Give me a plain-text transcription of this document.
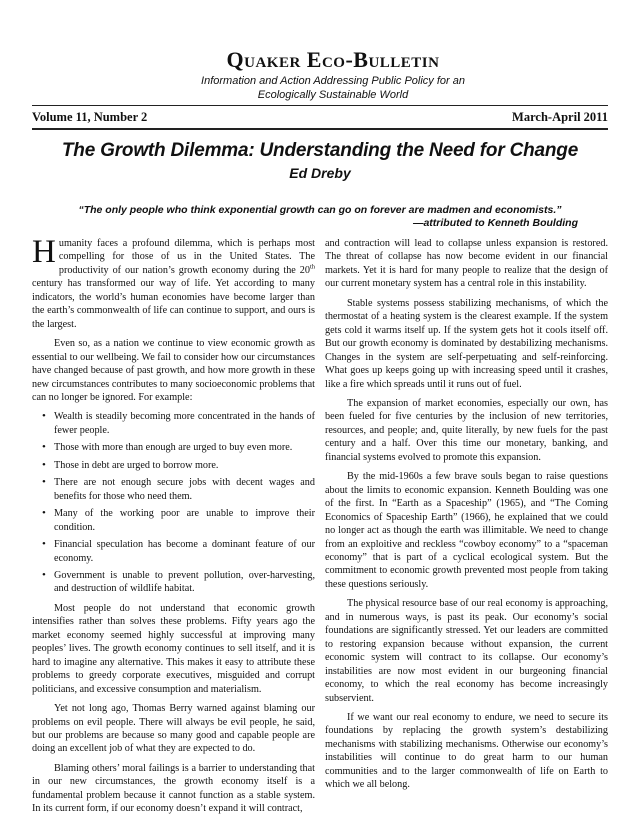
Quaker Eco-Bulletin
Information and Action Addressing Public Policy for an
Ecologically Sustainable World
Volume 11, Number 2	March-April 2011
The Growth Dilemma: Understanding the Need for Change
Ed Dreby
“The only people who think exponential growth can go on forever are madmen and economists.”
—attributed to Kenneth Boulding

Humanity faces a profound dilemma, which is perhaps most compelling for those of us in the United States. The productivity of our nation’s growth economy during the 20th century has transformed our way of life. Yet according to many indicators, the world’s human economies have become larger than the earth’s commonwealth of life can continue to support, and ours is the largest.

Even so, as a nation we continue to view economic growth as essential to our wellbeing. We fail to consider how our circumstances have changed because of past growth, and how more growth in these new circumstances contributes to many socioeconomic problems that can no longer be ignored. For example:

• Wealth is steadily becoming more concentrated in the hands of fewer people.
• Those with more than enough are urged to buy even more.
• Those in debt are urged to borrow more.
• There are not enough secure jobs with decent wages and benefits for those who need them.
• Many of the working poor are unable to improve their condition.
• Financial speculation has become a dominant feature of our economy.
• Government is unable to prevent pollution, over-harvesting, and destruction of wildlife habitat.

Most people do not understand that economic growth intensifies rather than solves these problems. Fifty years ago the market economy seemed highly successful at improving many peoples’ lives. The growth economy continues to sell itself, and it is hard to imagine any alternative. This makes it easy to attribute these problems to greedy corporate executives, misguided and corrupt politicians, and excessive consumption and materialism.

Yet not long ago, Thomas Berry warned against blaming our problems on evil people. There will always be evil people, he said, but our problems are because so many good and capable people are doing an excellent job of what they are expected to do.

Blaming others’ moral failings is a barrier to understanding that in our new circumstances, the growth economy itself is a fundamental problem because it cannot function as a stable system. In its current form, if our economy doesn’t expand it will contract,

and contraction will lead to collapse unless expansion is restored. The threat of collapse has now become evident in our financial markets. Yet it is hard for many people to realize that the design of our current monetary system has a central role in this instability.

Stable systems possess stabilizing mechanisms, of which the thermostat of a heating system is the clearest example. If the system gets cold it warms itself up. If the system gets hot it cools itself off. But our growth economy is dominated by destabilizing mechanisms. Changes in the system are self-perpetuating and self-reinforcing. What goes up keeps going up with increasing speed until it crashes, like a fire which spreads until it runs out of fuel.

The expansion of market economies, especially our own, has been fueled for five centuries by the inclusion of new territories, resources, and people; and, quite literally, by new fuels for the past century and a half. Over this time our monetary, banking, and financial systems evolved to promote this expansion.

By the mid-1960s a few brave souls began to raise questions about the limits to economic expansion. Kenneth Boulding was one of the first. In “Earth as a Spaceship” (1965), and “The Coming Economics of Spaceship Earth” (1966), he explained that we could no longer act as though the earth was illimitable. We need to change from an exploitive and reckless “cowboy economy” to a “spaceman economy” that is part of a cyclical ecological system. But the commitment to economic growth prevented most people from taking these questions seriously.

The physical resource base of our real economy is approaching, and in numerous ways, is past its peak. Our economy’s social foundations are significantly stressed. Yet our leaders are committed to restoring expansion because without expansion, the current economic system will contract to its collapse. Our economy’s instabilities are now most evident in our burgeoning financial economy, to which the real economy has become increasingly subservient.

If we want our real economy to endure, we need to secure its foundations by replacing the growth system’s destabilizing mechanisms with stabilizing mechanisms. Otherwise our economy’s instabilities will continue to do great harm to our human communities and to the larger commonwealth of life on Earth to which we all belong.
